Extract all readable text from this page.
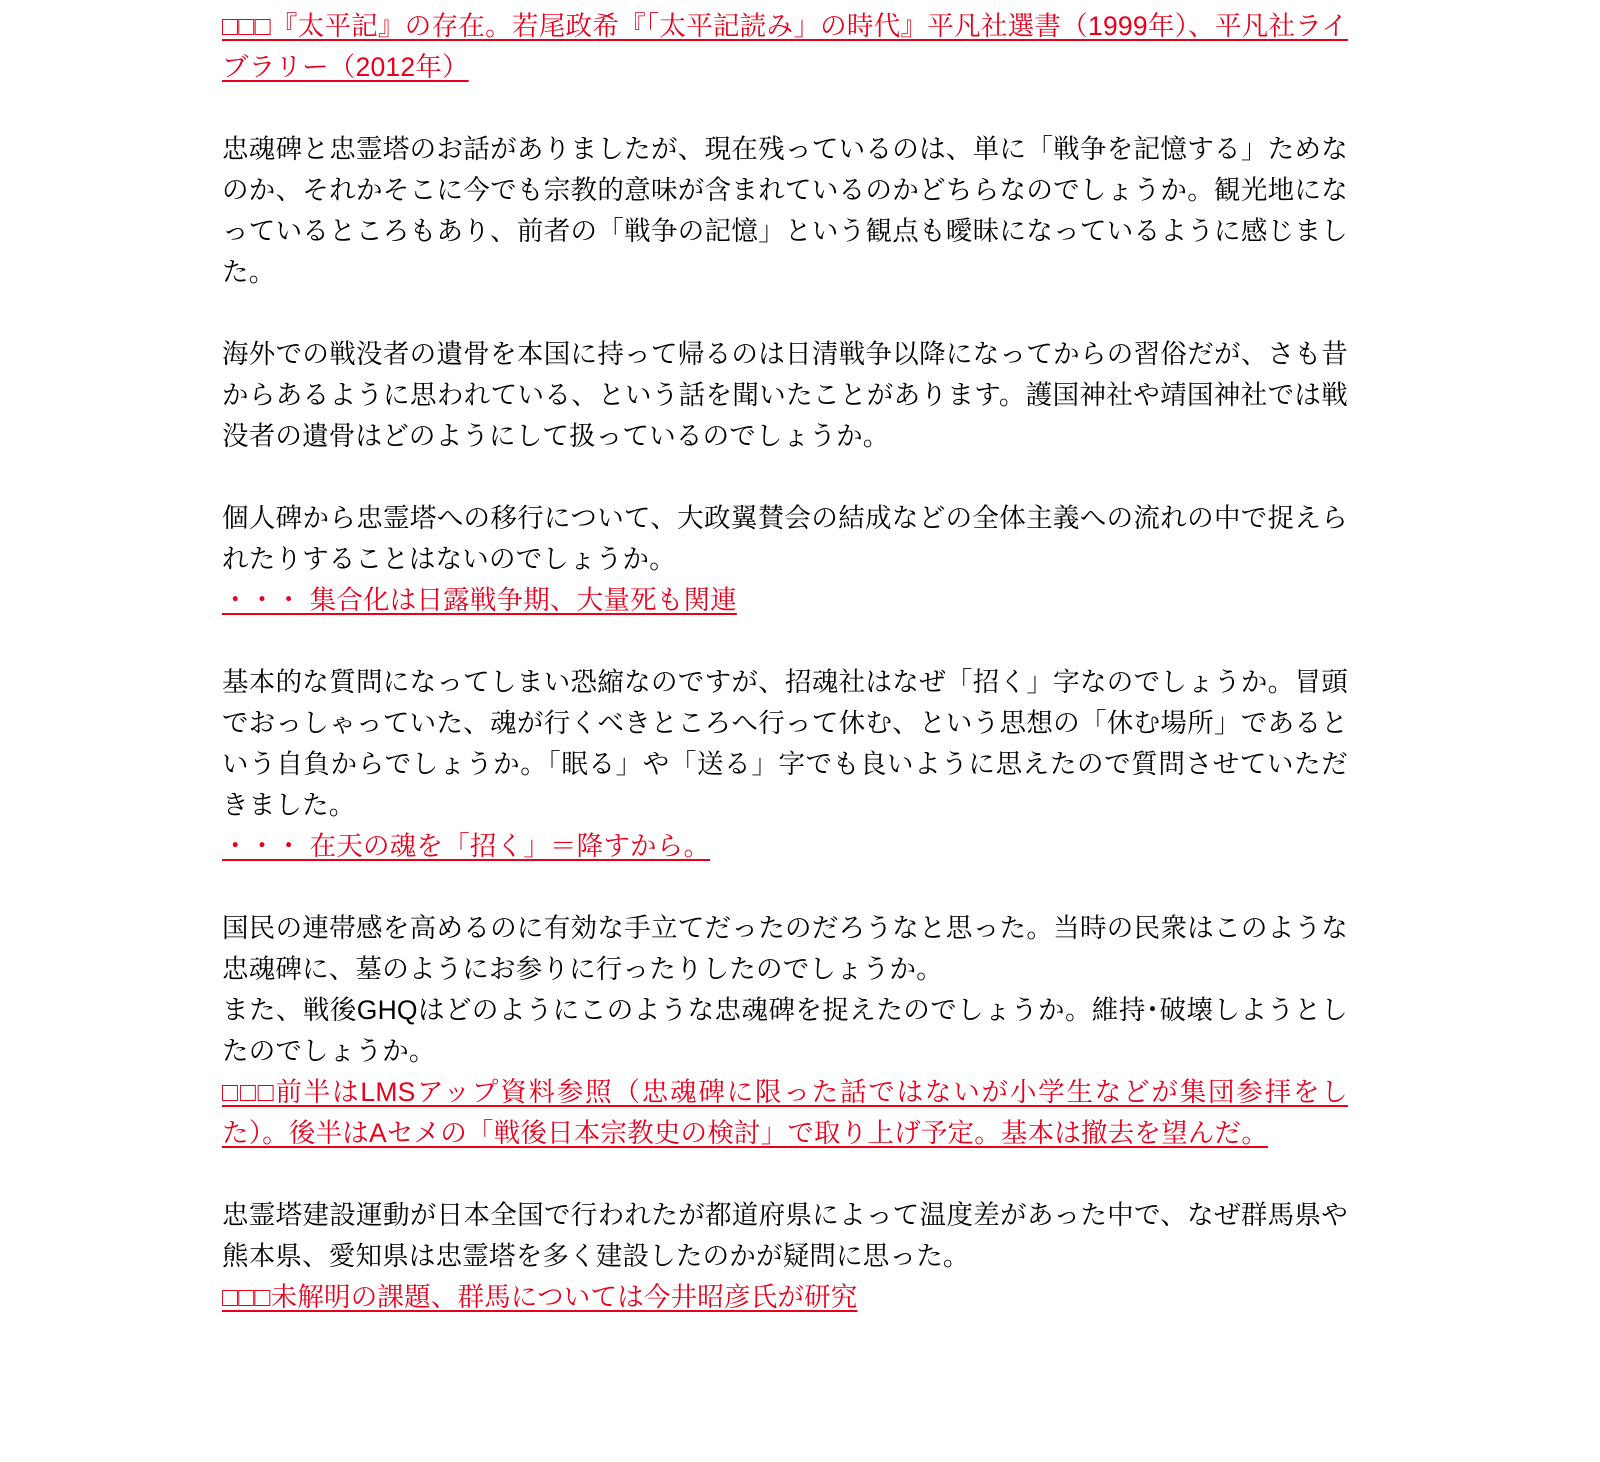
□□□『太平記』の存在。若尾政希『「太平記読み」の時代』平凡社選書（1999年）、平凡社ライブラリー（2012年）

忠魂碑と忠霊塔のお話がありましたが、現在残っているのは、単に「戦争を記憶する」ためなのか、それかそこに今でも宗教的意味が含まれているのかどちらなのでしょうか。観光地になっているところもあり、前者の「戦争の記憶」という観点も曖昧になっているように感じました。

海外での戦没者の遺骨を本国に持って帰るのは日清戦争以降になってからの習俗だが、さも昔からあるように思われている、という話を聞いたことがあります。護国神社や靖国神社では戦没者の遺骨はどのようにして扱っているのでしょうか。

個人碑から忠霊塔への移行について、大政翼賛会の結成などの全体主義への流れの中で捉えられたりすることはないのでしょうか。

・・・ 集合化は日露戦争期、大量死も関連

基本的な質問になってしまい恐縮なのですが、招魂社はなぜ「招く」字なのでしょうか。冒頭でおっしゃっていた、魂が行くべきところへ行って休む、という思想の「休む場所」であるという自負からでしょうか。「眠る」や「送る」字でも良いように思えたので質問させていただきました。

・・・ 在天の魂を「招く」＝降すから。

国民の連帯感を高めるのに有効な手立てだったのだろうなと思った。当時の民衆はこのような忠魂碑に、墓のようにお参りに行ったりしたのでしょうか。

また、戦後GHQはどのようにこのような忠魂碑を捉えたのでしょうか。維持･破壊しようとしたのでしょうか。

□□□前半はLMSアップ資料参照（忠魂碑に限った話ではないが小学生などが集団参拝をした）。後半はAセメの「戦後日本宗教史の検討」で取り上げ予定。基本は撤去を望んだ。

忠霊塔建設運動が日本全国で行われたが都道府県によって温度差があった中で、なぜ群馬県や熊本県、愛知県は忠霊塔を多く建設したのかが疑問に思った。

□□□未解明の課題、群馬については今井昭彦氏が研究
